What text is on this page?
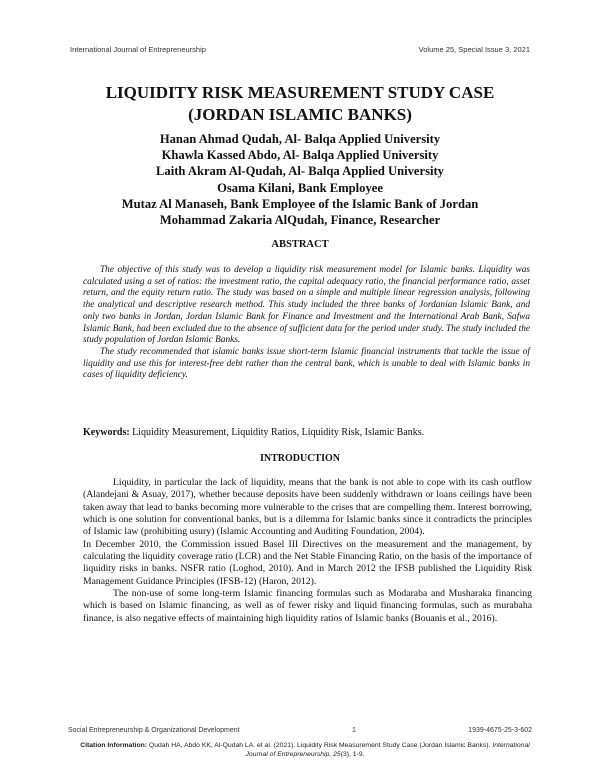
International Journal of Entrepreneurship	Volume 25, Special Issue 3, 2021
LIQUIDITY RISK MEASUREMENT STUDY CASE
(JORDAN ISLAMIC BANKS)
Hanan Ahmad Qudah, Al- Balqa Applied University
Khawla Kassed Abdo, Al- Balqa Applied University
Laith Akram Al-Qudah, Al- Balqa Applied University
Osama Kilani, Bank Employee
Mutaz Al Manaseh, Bank Employee of the Islamic Bank of Jordan
Mohammad Zakaria AlQudah, Finance, Researcher
ABSTRACT

The objective of this study was to develop a liquidity risk measurement model for Islamic banks. Liquidity was calculated using a set of ratios: the investment ratio, the capital adequacy ratio, the financial performance ratio, asset return, and the equity return ratio. The study was based on a simple and multiple linear regression analysis, following the analytical and descriptive research method. This study included the three banks of Jordanian Islamic Bank, and only two banks in Jordan, Jordan Islamic Bank for Finance and Investment and the International Arab Bank, Safwa Islamic Bank, had been excluded due to the absence of sufficient data for the period under study. The study included the study population of Jordan Islamic Banks.

The study recommended that islamic banks issue short-term Islamic financial instruments that tackle the issue of liquidity and use this for interest-free debt rather than the central bank, which is unable to deal with Islamic banks in cases of liquidity deficiency.

Keywords: Liquidity Measurement, Liquidity Ratios, Liquidity Risk, Islamic Banks.
INTRODUCTION

Liquidity, in particular the lack of liquidity, means that the bank is not able to cope with its cash outflow (Alandejani & Asuay, 2017), whether because deposits have been suddenly withdrawn or loans ceilings have been taken away that lead to banks becoming more vulnerable to the crises that are compelling them. Interest borrowing, which is one solution for conventional banks, but is a dilemma for Islamic banks since it contradicts the principles of Islamic law (prohibiting usury) (Islamic Accounting and Auditing Foundation, 2004).

In December 2010, the Commission issued Basel III Directives on the measurement and the management, by calculating the liquidity coverage ratio (LCR) and the Net Stable Financing Ratio, on the basis of the importance of liquidity risks in banks. NSFR ratio (Loghod, 2010). And in March 2012 the IFSB published the Liquidity Risk Management Guidance Principles (IFSB-12) (Haron, 2012).

The non-use of some long-term Islamic financing formulas such as Modaraba and Musharaka financing which is based on Islamic financing, as well as of fewer risky and liquid financing formulas, such as murabaha finance, is also negative effects of maintaining high liquidity ratios of Islamic banks (Bouanis et al., 2016).

Social Entrepreneurship & Organizational Development	1	1939-4675-25-3-602
Citation Information: Qudah HA, Abdo KK, Al-Qudah LA. et al. (2021). Liquidity Risk Measurement Study Case (Jordan Islamic Banks). International Journal of Entrepreneurship, 25(3), 1-9.
